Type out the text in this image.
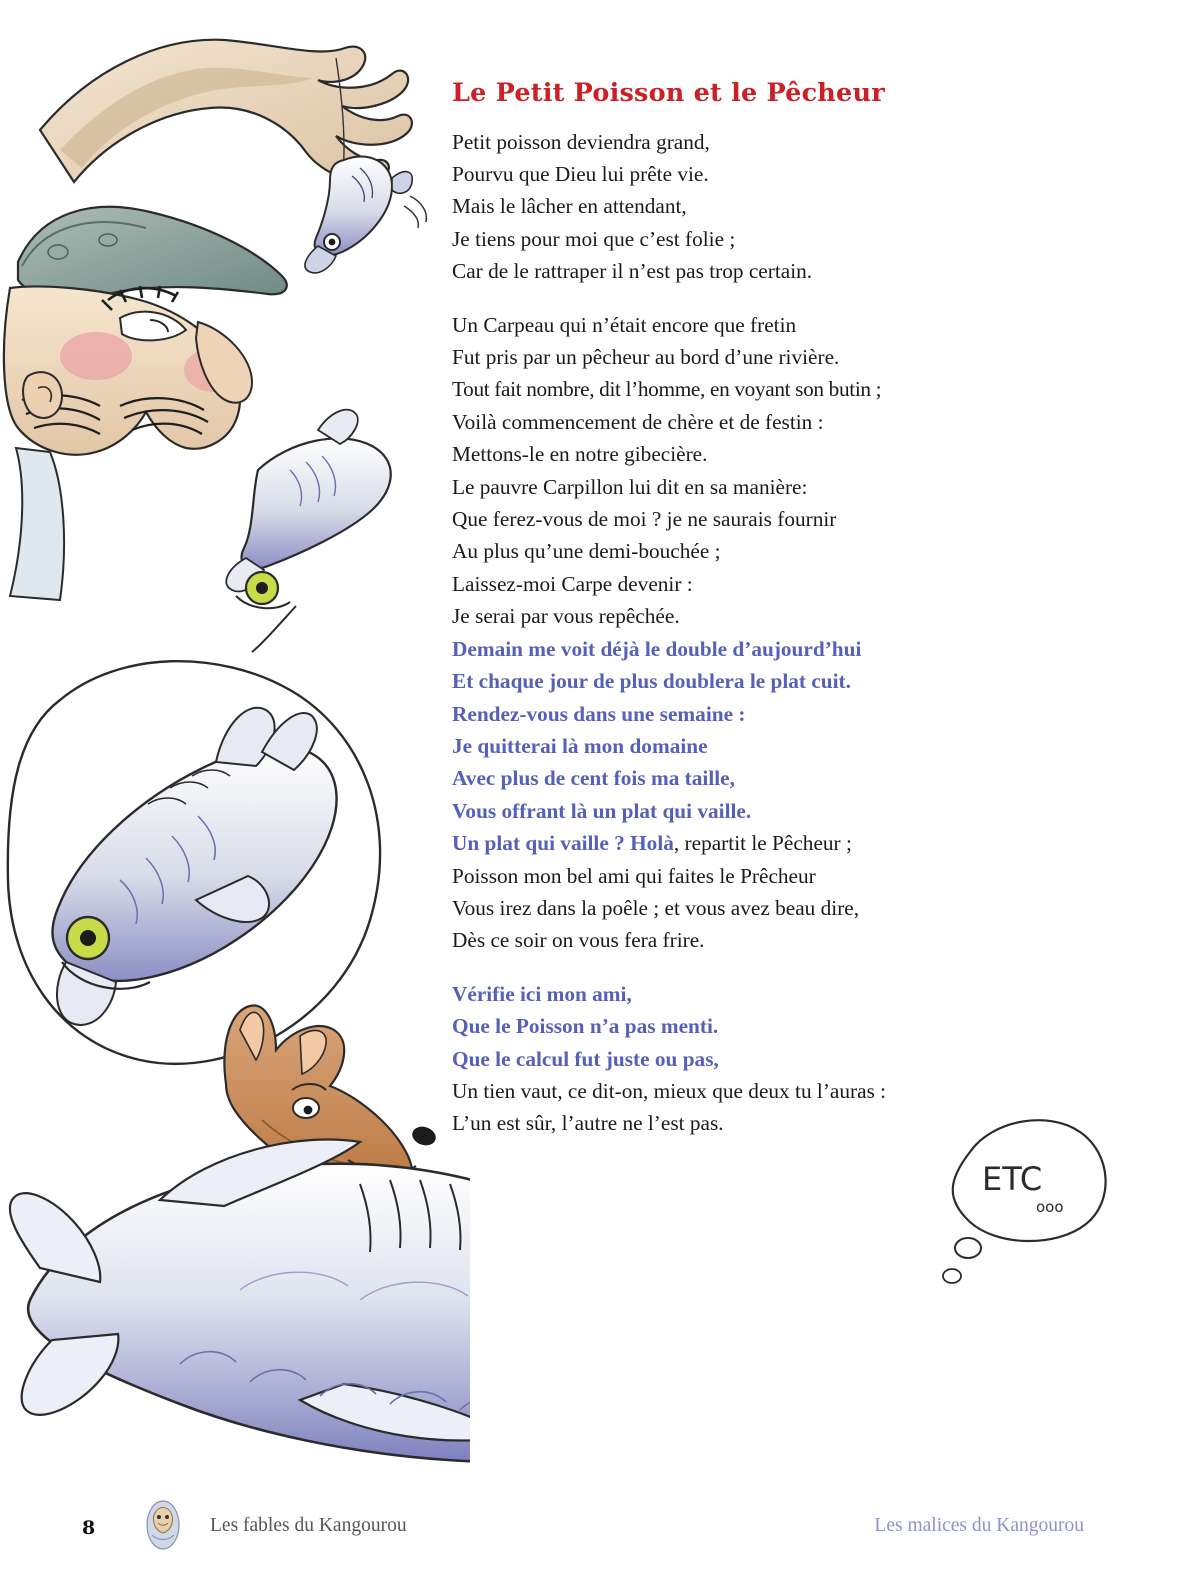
ETC
ooo
Le Petit Poisson et le Pêcheur
Petit poisson deviendra grand,
Pourvu que Dieu lui prête vie.
Mais le lâcher en attendant,
Je tiens pour moi que c’est folie ;
Car de le rattraper il n’est pas trop certain.
Un Carpeau qui n’était encore que fretin
Fut pris par un pêcheur au bord d’une rivière.
Tout fait nombre, dit l’homme, en voyant son butin ;
Voilà commencement de chère et de festin :
Mettons-le en notre gibecière.
Le pauvre Carpillon lui dit en sa manière:
Que ferez-vous de moi ? je ne saurais fournir
Au plus qu’une demi-bouchée ;
Laissez-moi Carpe devenir :
Je serai par vous repêchée.
Demain me voit déjà le double d’aujourd’hui
Et chaque jour de plus doublera le plat cuit.
Rendez-vous dans une semaine :
Je quitterai là mon domaine
Avec plus de cent fois ma taille,
Vous offrant là un plat qui vaille.
Un plat qui vaille ? Holà, repartit le Pêcheur ;
Poisson mon bel ami qui faites le Prêcheur
Vous irez dans la poêle ; et vous avez beau dire,
Dès ce soir on vous fera frire.
Vérifie ici mon ami,
Que le Poisson n’a pas menti.
Que le calcul fut juste ou pas,
Un tien vaut, ce dit-on, mieux que deux tu l’auras :
L’un est sûr, l’autre ne l’est pas.
8	Les fables du Kangourou	Les malices du Kangourou
